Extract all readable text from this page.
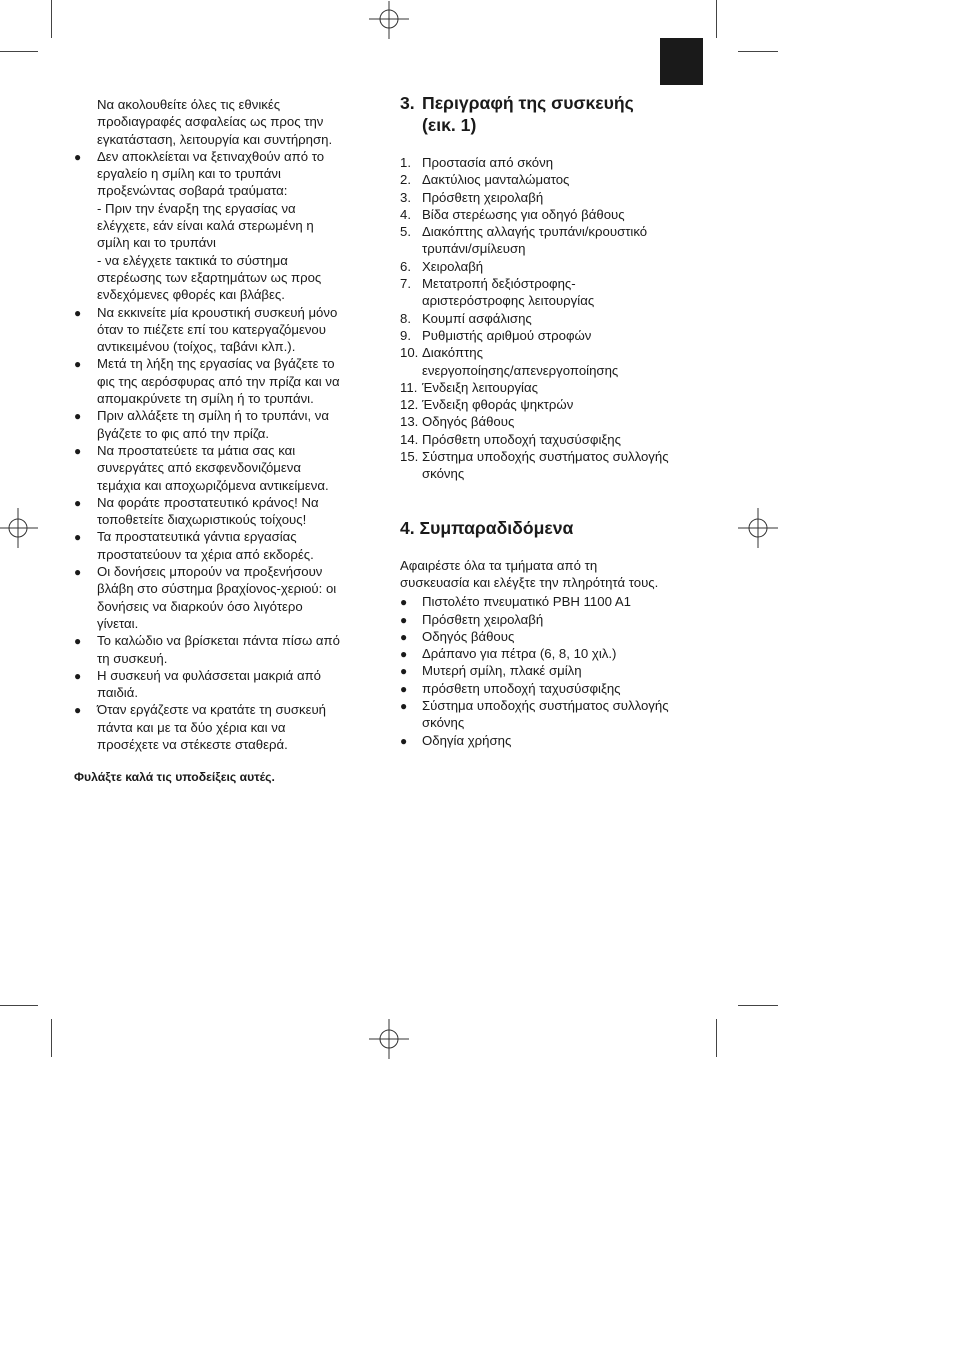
Να ακολουθείτε όλες τις εθνικές
προδιαγραφές ασφαλείας ως προς την
εγκατάσταση, λειτουργία και συντήρηση.

● Δεν αποκλείεται να ξετιναχθούν από το
εργαλείο η σμίλη και το τρυπάνι
προξενώντας σοβαρά τραύματα:
- Πριν την έναρξη της εργασίας να
ελέγχετε, εάν είναι καλά στερωμένη η
σμίλη και το τρυπάνι
- να ελέγχετε τακτικά το σύστημα
στερέωσης των εξαρτημάτων ως προς
ενδεχόμενες φθορές και βλάβες.

● Να εκκινείτε μία κρουστική συσκευή μόνο
όταν το πιέζετε επί του κατεργαζόμενου
αντικειμένου (τοίχος, ταβάνι κλπ.).

● Μετά τη λήξη της εργασίας να βγάζετε το
φις της αερόσφυρας από την πρίζα και να
απομακρύνετε τη σμίλη ή το τρυπάνι.

● Πριν αλλάξετε τη σμίλη ή το τρυπάνι, να
βγάζετε το φις από την πρίζα.

● Να προστατεύετε τα μάτια σας και
συνεργάτες από εκσφενδονιζόμενα
τεμάχια και αποχωριζόμενα αντικείμενα.

● Να φοράτε προστατευτικό κράνος! Να
τοποθετείτε διαχωριστικούς τοίχους!

● Τα προστατευτικά γάντια εργασίας
προστατεύουν τα χέρια από εκδορές.

● Οι δονήσεις μπορούν να προξενήσουν
βλάβη στο σύστημα βραχίονος-χεριού: οι
δονήσεις να διαρκούν όσο λιγότερο
γίνεται.

● Το καλώδιο να βρίσκεται πάντα πίσω από
τη συσκευή.

● Η συσκευή να φυλάσσεται μακριά από
παιδιά.

● Όταν εργάζεστε να κρατάτε τη συσκευή
πάντα και με τα δύο χέρια και να
προσέχετε να στέκεστε σταθερά.

Φυλάξτε καλά τις υποδείξεις αυτές.

3. Περιγραφή της συσκευής
(εικ. 1)
1. Προστασία από σκόνη
2. Δακτύλιος μανταλώματος
3. Πρόσθετη χειρολαβή
4. Βίδα στερέωσης για οδηγό βάθους
5. Διακόπτης αλλαγής τρυπάνι/κρουστικό
τρυπάνι/σμίλευση
6. Χειρολαβή
7. Μετατροπή δεξιόστροφης-
αριστερόστροφης λειτουργίας
8. Κουμπί ασφάλισης
9. Ρυθμιστής αριθμού στροφών
10. Διακόπτης
ενεργοποίησης/απενεργοποίησης
11. Ένδειξη λειτουργίας
12. Ένδειξη φθοράς ψηκτρών
13. Οδηγός βάθους
14. Πρόσθετη υποδοχή ταχυσύσφιξης
15. Σύστημα υποδοχής συστήματος συλλογής
σκόνης
4. Συμπαραδιδόμενα

Αφαιρέστε όλα τα τμήματα από τη
συσκευασία και ελέγξτε την πληρότητά τους.

● Πιστολέτο πνευματικό PBH 1100 A1
● Πρόσθετη χειρολαβή
● Οδηγός βάθους
● Δράπανο για πέτρα (6, 8, 10 χιλ.)
● Μυτερή σμίλη, πλακέ σμίλη
● πρόσθετη υποδοχή ταχυσύσφιξης
● Σύστημα υποδοχής συστήματος συλλογής
σκόνης
● Οδηγία χρήσης
